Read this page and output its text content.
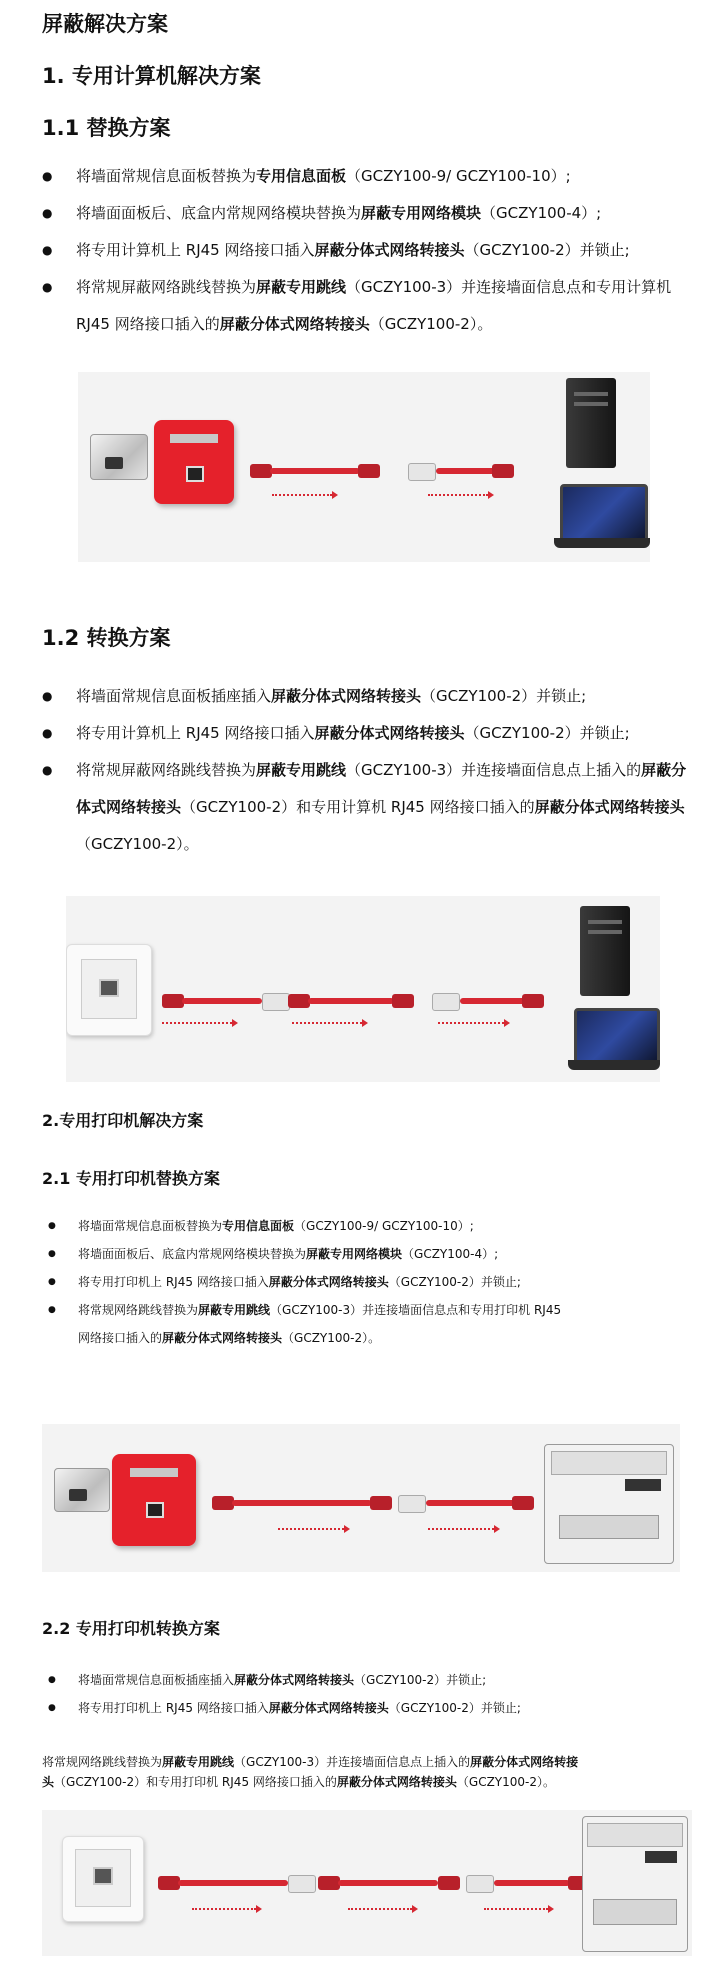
屏蔽解决方案
1. 专用计算机解决方案
1.1 替换方案
● 将墙面常规信息面板替换为专用信息面板（GCZY100-9/ GCZY100-10）;
● 将墙面面板后、底盒内常规网络模块替换为屏蔽专用网络模块（GCZY100-4）;
● 将专用计算机上 RJ45 网络接口插入屏蔽分体式网络转接头（GCZY100-2）并锁止;
● 将常规屏蔽网络跳线替换为屏蔽专用跳线（GCZY100-3）并连接墙面信息点和专用计算机 RJ45 网络接口插入的屏蔽分体式网络转接头（GCZY100-2）。
1.2 转换方案
● 将墙面常规信息面板插座插入屏蔽分体式网络转接头（GCZY100-2）并锁止;
● 将专用计算机上 RJ45 网络接口插入屏蔽分体式网络转接头（GCZY100-2）并锁止;
● 将常规屏蔽网络跳线替换为屏蔽专用跳线（GCZY100-3）并连接墙面信息点上插入的屏蔽分体式网络转接头（GCZY100-2）和专用计算机 RJ45 网络接口插入的屏蔽分体式网络转接头（GCZY100-2）。
2.专用打印机解决方案
2.1 专用打印机替换方案
● 将墙面常规信息面板替换为专用信息面板（GCZY100-9/ GCZY100-10）;
● 将墙面面板后、底盒内常规网络模块替换为屏蔽专用网络模块（GCZY100-4）;
● 将专用打印机上 RJ45 网络接口插入屏蔽分体式网络转接头（GCZY100-2）并锁止;
● 将常规网络跳线替换为屏蔽专用跳线（GCZY100-3）并连接墙面信息点和专用打印机 RJ45 网络接口插入的屏蔽分体式网络转接头（GCZY100-2）。
2.2 专用打印机转换方案
● 将墙面常规信息面板插座插入屏蔽分体式网络转接头（GCZY100-2）并锁止;
● 将专用打印机上 RJ45 网络接口插入屏蔽分体式网络转接头（GCZY100-2）并锁止;
将常规网络跳线替换为屏蔽专用跳线（GCZY100-3）并连接墙面信息点上插入的屏蔽分体式网络转接头（GCZY100-2）和专用打印机 RJ45 网络接口插入的屏蔽分体式网络转接头（GCZY100-2）。
